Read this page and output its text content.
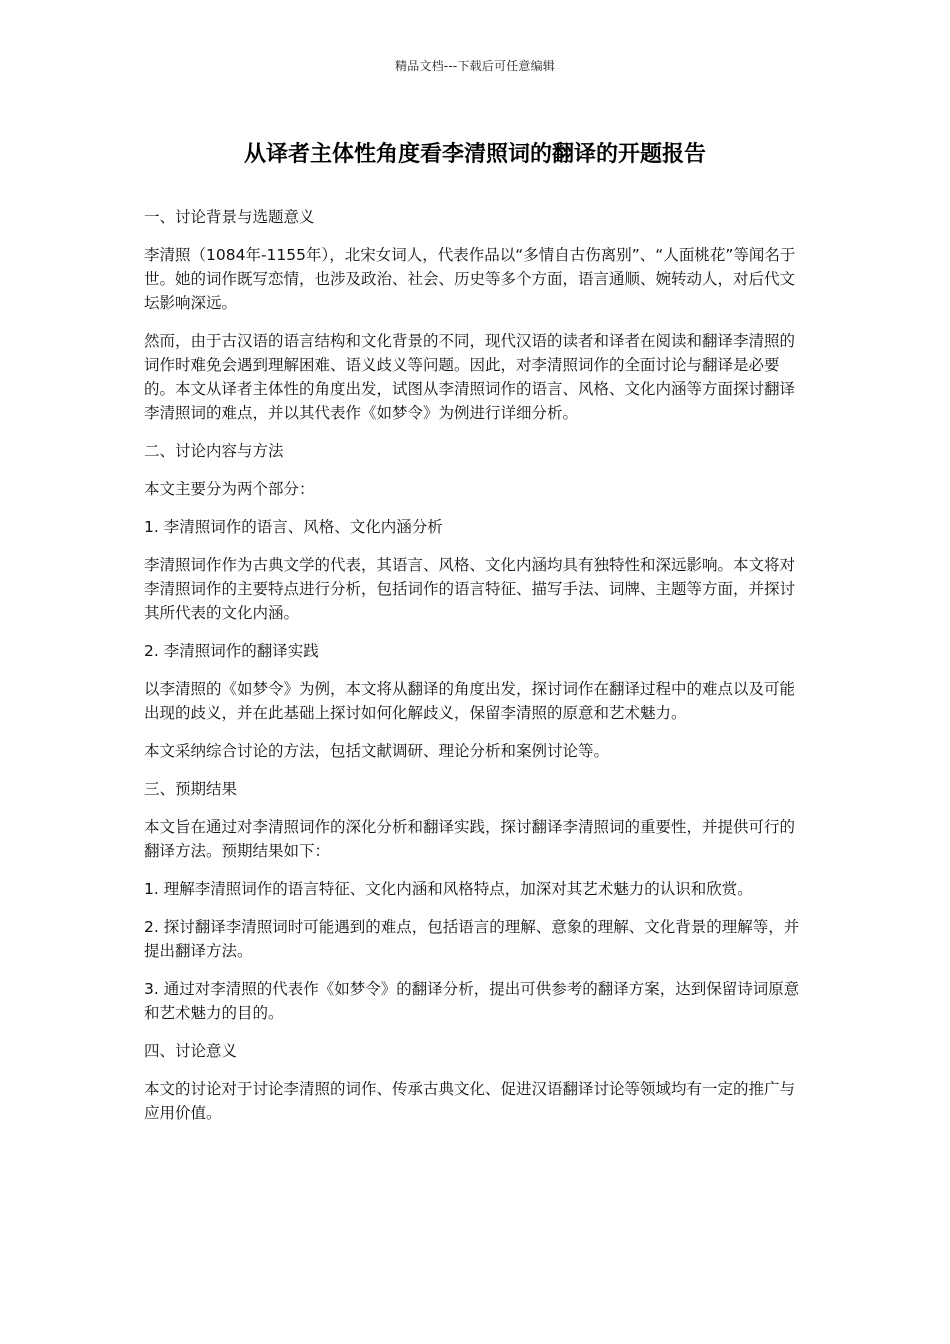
精品文档---下载后可任意编辑
从译者主体性角度看李清照词的翻译的开题报告

一、讨论背景与选题意义

李清照（1084年-1155年），北宋女词人，代表作品以“多情自古伤离别”、“人面桃花”等闻名于世。她的词作既写恋情，也涉及政治、社会、历史等多个方面，语言通顺、婉转动人，对后代文坛影响深远。

然而，由于古汉语的语言结构和文化背景的不同，现代汉语的读者和译者在阅读和翻译李清照的词作时难免会遇到理解困难、语义歧义等问题。因此，对李清照词作的全面讨论与翻译是必要的。本文从译者主体性的角度出发，试图从李清照词作的语言、风格、文化内涵等方面探讨翻译李清照词的难点，并以其代表作《如梦令》为例进行详细分析。

二、讨论内容与方法

本文主要分为两个部分：

1. 李清照词作的语言、风格、文化内涵分析

李清照词作作为古典文学的代表，其语言、风格、文化内涵均具有独特性和深远影响。本文将对李清照词作的主要特点进行分析，包括词作的语言特征、描写手法、词牌、主题等方面，并探讨其所代表的文化内涵。

2. 李清照词作的翻译实践

以李清照的《如梦令》为例，本文将从翻译的角度出发，探讨词作在翻译过程中的难点以及可能出现的歧义，并在此基础上探讨如何化解歧义，保留李清照的原意和艺术魅力。

本文采纳综合讨论的方法，包括文献调研、理论分析和案例讨论等。

三、预期结果

本文旨在通过对李清照词作的深化分析和翻译实践，探讨翻译李清照词的重要性，并提供可行的翻译方法。预期结果如下：

1. 理解李清照词作的语言特征、文化内涵和风格特点，加深对其艺术魅力的认识和欣赏。

2. 探讨翻译李清照词时可能遇到的难点，包括语言的理解、意象的理解、文化背景的理解等，并提出翻译方法。

3. 通过对李清照的代表作《如梦令》的翻译分析，提出可供参考的翻译方案，达到保留诗词原意和艺术魅力的目的。

四、讨论意义

本文的讨论对于讨论李清照的词作、传承古典文化、促进汉语翻译讨论等领域均有一定的推广与应用价值。
